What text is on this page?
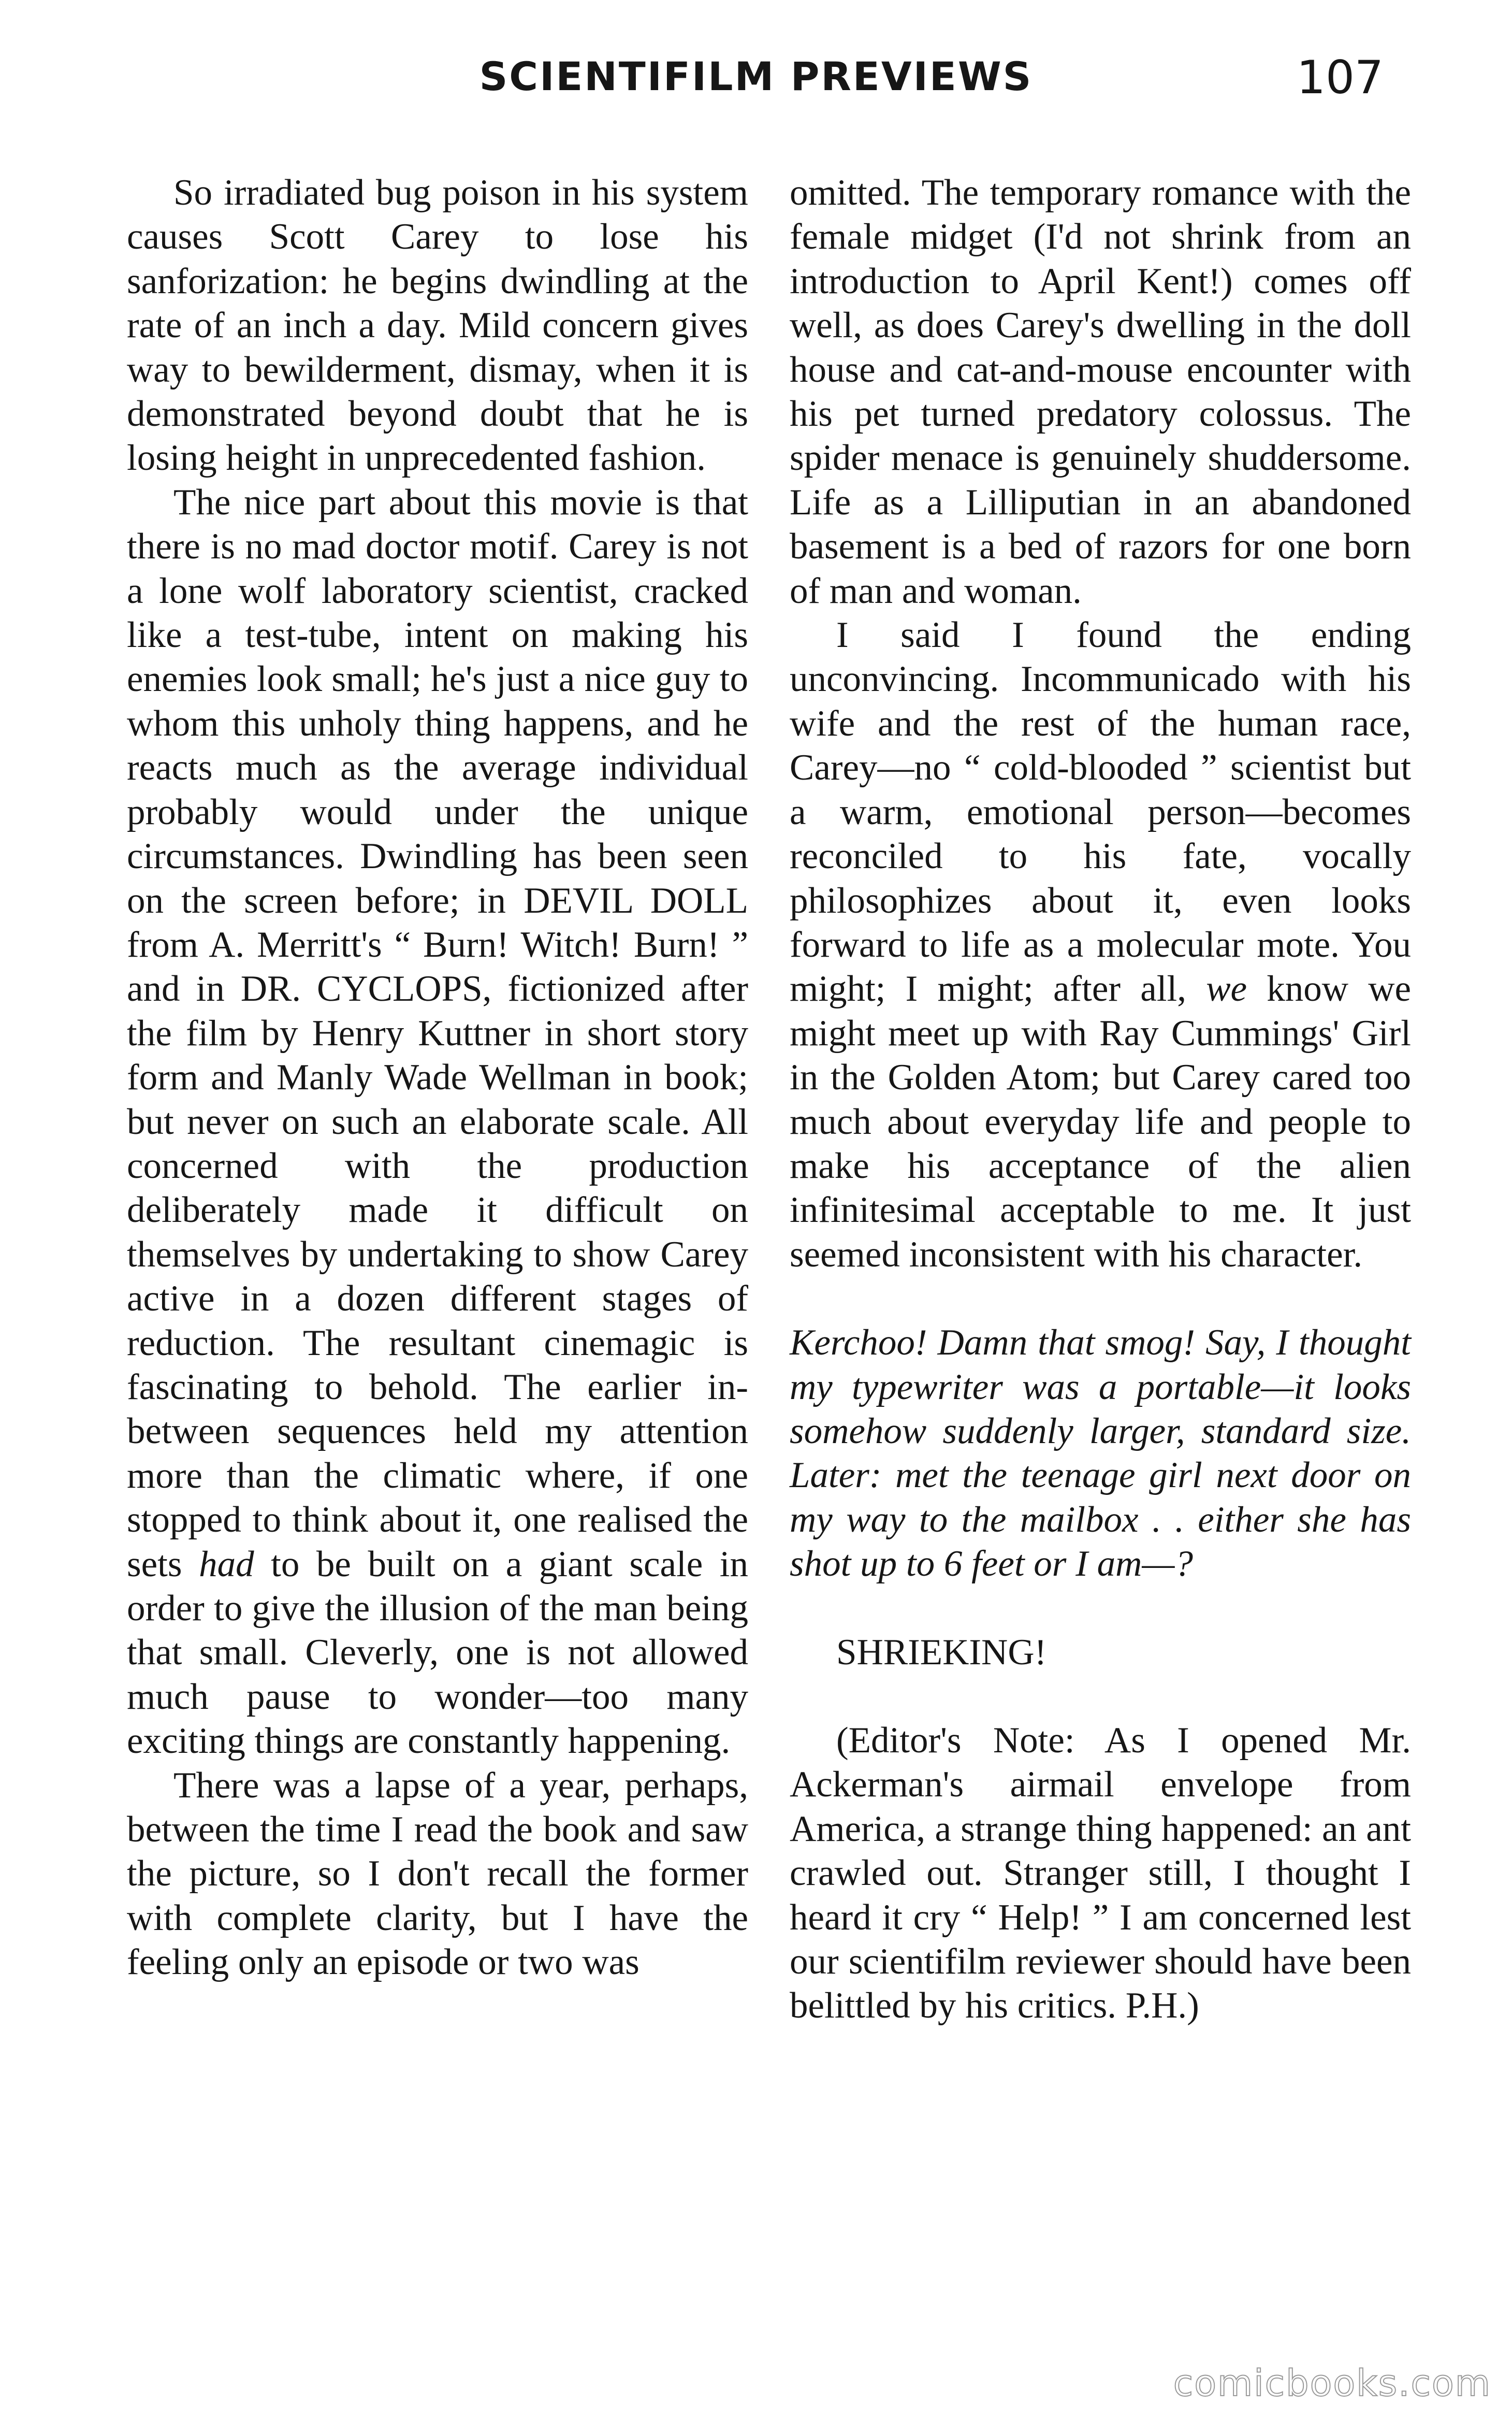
SCIENTIFILM PREVIEWS	107

So irradiated bug poison in his system causes Scott Carey to lose his sanforization: he begins dwindling at the rate of an inch a day. Mild concern gives way to bewilderment, dismay, when it is demonstrated beyond doubt that he is losing height in unprecedented fashion.

The nice part about this movie is that there is no mad doctor motif. Carey is not a lone wolf laboratory scientist, cracked like a test-tube, intent on making his enemies look small; he's just a nice guy to whom this unholy thing happens, and he reacts much as the average individual probably would under the unique circumstances. Dwindling has been seen on the screen before; in DEVIL DOLL from A. Merritt's “ Burn! Witch! Burn! ” and in DR. CYCLOPS, fictionized after the film by Henry Kuttner in short story form and Manly Wade Wellman in book; but never on such an elaborate scale. All concerned with the production deliberately made it difficult on themselves by undertaking to show Carey active in a dozen different stages of reduction. The resultant cinemagic is fascinating to behold. The earlier in-between sequences held my attention more than the climatic where, if one stopped to think about it, one realised the sets had to be built on a giant scale in order to give the illusion of the man being that small. Cleverly, one is not allowed much pause to wonder—too many exciting things are constantly happening.

There was a lapse of a year, perhaps, between the time I read the book and saw the picture, so I don't recall the former with complete clarity, but I have the feeling only an episode or two was

omitted. The temporary romance with the female midget (I'd not shrink from an introduction to April Kent!) comes off well, as does Carey's dwelling in the doll house and cat-and-mouse encounter with his pet turned predatory colossus. The spider menace is genuinely shuddersome. Life as a Lilliputian in an abandoned basement is a bed of razors for one born of man and woman.

I said I found the ending unconvincing. Incommunicado with his wife and the rest of the human race, Carey—no “ cold-blooded ” scientist but a warm, emotional person—becomes reconciled to his fate, vocally philosophizes about it, even looks forward to life as a molecular mote. You might; I might; after all, we know we might meet up with Ray Cummings' Girl in the Golden Atom; but Carey cared too much about everyday life and people to make his acceptance of the alien infinitesimal acceptable to me. It just seemed inconsistent with his character.

Kerchoo! Damn that smog! Say, I thought my typewriter was a portable—it looks somehow suddenly larger, standard size. Later: met the teenage girl next door on my way to the mailbox . . either she has shot up to 6 feet or I am—?

SHRIEKING!

(Editor's Note: As I opened Mr. Ackerman's airmail envelope from America, a strange thing happened: an ant crawled out. Stranger still, I thought I heard it cry “ Help! ” I am concerned lest our scientifilm reviewer should have been belittled by his critics. P.H.)

comicbooks.com
